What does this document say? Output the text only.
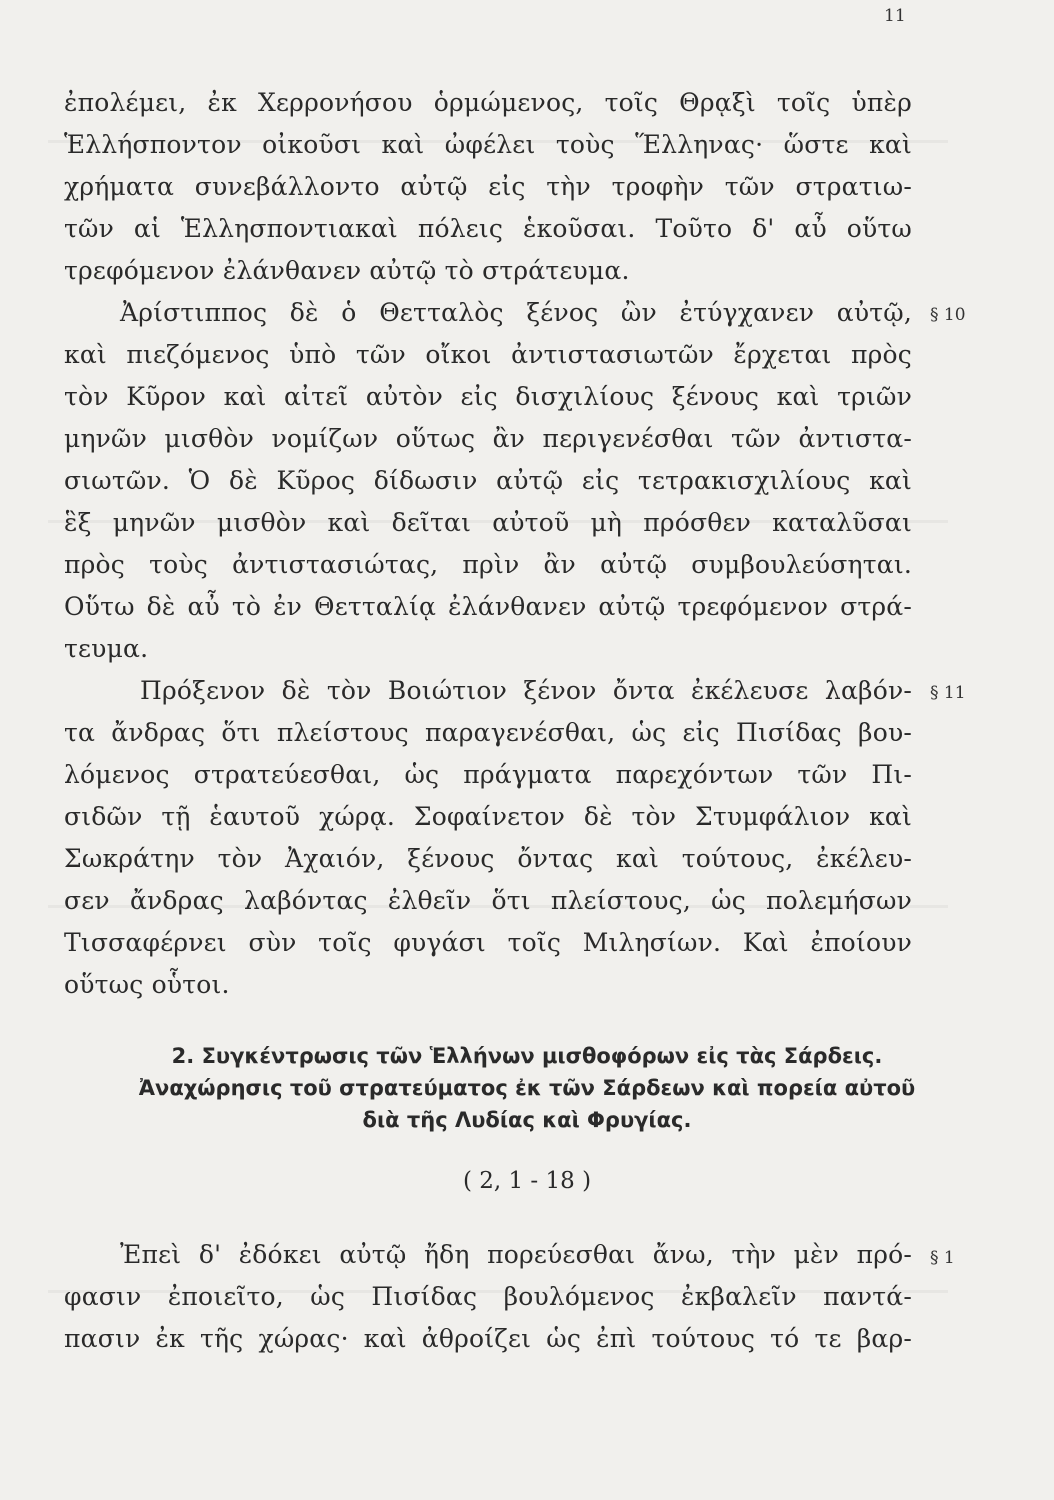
11
ἐπολέμει, ἐκ Χερρονήσου ὁρμώμενος, τοῖς Θρᾳξὶ τοῖς ὑπὲρ
Ἑλλήσποντον οἰκοῦσι καὶ ὠφέλει τοὺς Ἕλληνας· ὥστε καὶ
χρήματα συνεβάλλοντο αὐτῷ εἰς τὴν τροφὴν τῶν στρατιω-
τῶν αἱ Ἑλλησποντιακαὶ πόλεις ἑκοῦσαι. Τοῦτο δ' αὖ οὕτω
τρεφόμενον ἐλάνθανεν αὐτῷ τὸ στράτευμα.
Ἀρίστιππος δὲ ὁ Θετταλὸς ξένος ὢν ἐτύγχανεν αὐτῷ, § 10
καὶ πιεζόμενος ὑπὸ τῶν οἴκοι ἀντιστασιωτῶν ἔρχεται πρὸς
τὸν Κῦρον καὶ αἰτεῖ αὐτὸν εἰς δισχιλίους ξένους καὶ τριῶν
μηνῶν μισθὸν νομίζων οὕτως ἂν περιγενέσθαι τῶν ἀντιστα-
σιωτῶν. Ὁ δὲ Κῦρος δίδωσιν αὐτῷ εἰς τετρακισχιλίους καὶ
ἓξ μηνῶν μισθὸν καὶ δεῖται αὐτοῦ μὴ πρόσθεν καταλῦσαι
πρὸς τοὺς ἀντιστασιώτας, πρὶν ἂν αὐτῷ συμβουλεύσηται.
Οὕτω δὲ αὖ τὸ ἐν Θετταλίᾳ ἐλάνθανεν αὐτῷ τρεφόμενον στρά-
τευμα.
Πρόξενον δὲ τὸν Βοιώτιον ξένον ὄντα ἐκέλευσε λαβόν- § 11
τα ἄνδρας ὅτι πλείστους παραγενέσθαι, ὡς εἰς Πισίδας βου-
λόμενος στρατεύεσθαι, ὡς πράγματα παρεχόντων τῶν Πι-
σιδῶν τῇ ἑαυτοῦ χώρᾳ. Σοφαίνετον δὲ τὸν Στυμφάλιον καὶ
Σωκράτην τὸν Ἀχαιόν, ξένους ὄντας καὶ τούτους, ἐκέλευ-
σεν ἄνδρας λαβόντας ἐλθεῖν ὅτι πλείστους, ὡς πολεμήσων
Τισσαφέρνει σὺν τοῖς φυγάσι τοῖς Μιλησίων. Καὶ ἐποίουν
οὕτως οὗτοι.
2. Συγκέντρωσις τῶν Ἑλλήνων μισθοφόρων εἰς τὰς Σάρδεις.
Ἀναχώρησις τοῦ στρατεύματος ἐκ τῶν Σάρδεων καὶ πορεία αὐτοῦ
διὰ τῆς Λυδίας καὶ Φρυγίας.
( 2, 1 - 18 )
Ἐπεὶ δ' ἐδόκει αὐτῷ ἤδη πορεύεσθαι ἄνω, τὴν μὲν πρό- § 1
φασιν ἐποιεῖτο, ὡς Πισίδας βουλόμενος ἐκβαλεῖν παντά-
πασιν ἐκ τῆς χώρας· καὶ ἀθροίζει ὡς ἐπὶ τούτους τό τε βαρ-
